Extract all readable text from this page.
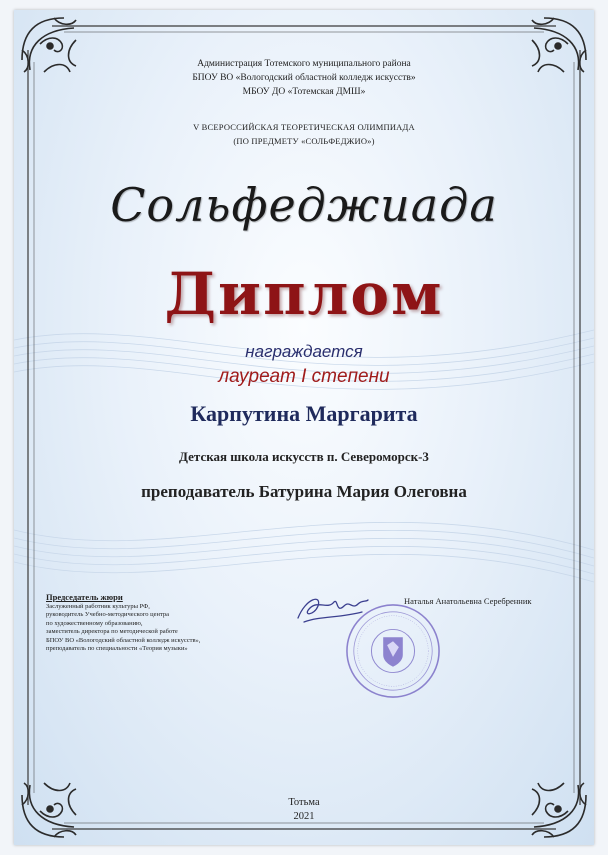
Администрация Тотемского муниципального района
БПОУ ВО «Вологодский областной колледж искусств»
МБОУ ДО «Тотемская ДМШ»
V ВСЕРОССИЙСКАЯ ТЕОРЕТИЧЕСКАЯ ОЛИМПИАДА
(ПО ПРЕДМЕТУ «СОЛЬФЕДЖИО»)
Сольфеджиада
Диплом
награждается
лауреат I степени
Карпутина Маргарита
Детская школа искусств п. Североморск-3
преподаватель Батурина Мария Олеговна
Председатель жюри
Заслуженный работник культуры РФ,
руководитель Учебно-методического центра
по художественному образованию,
заместитель директора по методической работе
БПОУ ВО «Вологодский областной колледж искусств»,
преподаватель по специальности «Теория музыки»
Наталья Анатольевна Серебренник
Тотьма
2021
